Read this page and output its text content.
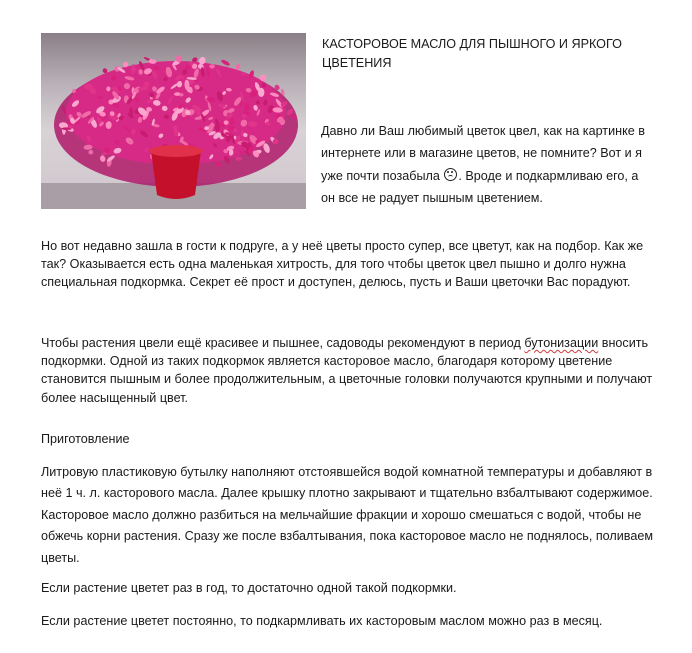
КАСТОРОВОЕ МАСЛО ДЛЯ ПЫШНОГО И ЯРКОГО ЦВЕТЕНИЯ
Давно ли Ваш любимый цветок цвел, как на картинке в интернете или в магазине цветов, не помните? Вот и я уже почти позабыла . Вроде и подкармливаю его, а он все не радует пышным цветением.
Но вот недавно зашла в гости к подруге, а у неё цветы просто супер, все цветут, как на подбор. Как же так? Оказывается есть одна маленькая хитрость, для того чтобы цветок цвел пышно и долго нужна специальная подкормка. Секрет её прост и доступен, делюсь, пусть и Ваши цветочки Вас порадуют.
Чтобы растения цвели ещё красивее и пышнее, садоводы рекомендуют в период бутонизации вносить подкормки. Одной из таких подкормок является касторовое масло, благодаря которому цветение становится пышным и более продолжительным, а цветочные головки получаются крупными и получают более насыщенный цвет.
Приготовление
Литровую пластиковую бутылку наполняют отстоявшейся водой комнатной температуры и добавляют в неё 1 ч. л. касторового масла. Далее крышку плотно закрывают и тщательно взбалтывают содержимое. Касторовое масло должно разбиться на мельчайшие фракции и хорошо смешаться с водой, чтобы не обжечь корни растения. Сразу же после взбалтывания, пока касторовое масло не поднялось, поливаем цветы.
Если растение цветет раз в год, то достаточно одной такой подкормки.
Если растение цветет постоянно, то подкармливать их касторовым маслом можно раз в месяц.
